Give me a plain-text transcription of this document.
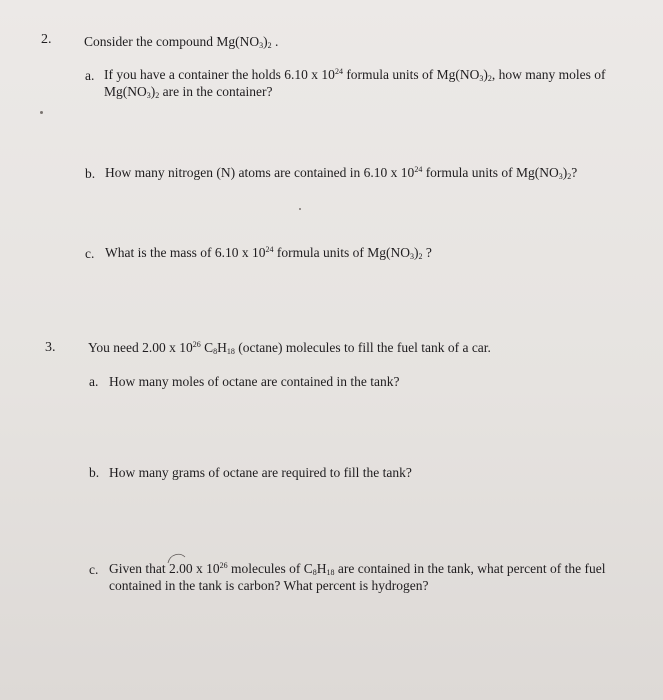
2. Consider the compound $Mg(NO_3)_2$ .
a. If you have a container the holds 6.10 x $10^{24}$ formula units of $Mg(NO_3)_2$, how many moles of
$Mg(NO_3)_2$ are in the container?
b. How many nitrogen (N) atoms are contained in 6.10 x $10^{24}$ formula units of $Mg(NO_3)_2$?
c. What is the mass of 6.10 x $10^{24}$ formula units of $Mg(NO_3)_2$ ?
3. You need 2.00 x $10^{26}$ $C_8H_{18}$ (octane) molecules to fill the fuel tank of a car.
a. How many moles of octane are contained in the tank?
b. How many grams of octane are required to fill the tank?
c. Given that 2.00 x $10^{26}$ molecules of $C_8H_{18}$ are contained in the tank, what percent of the fuel
contained in the tank is carbon? What percent is hydrogen?
